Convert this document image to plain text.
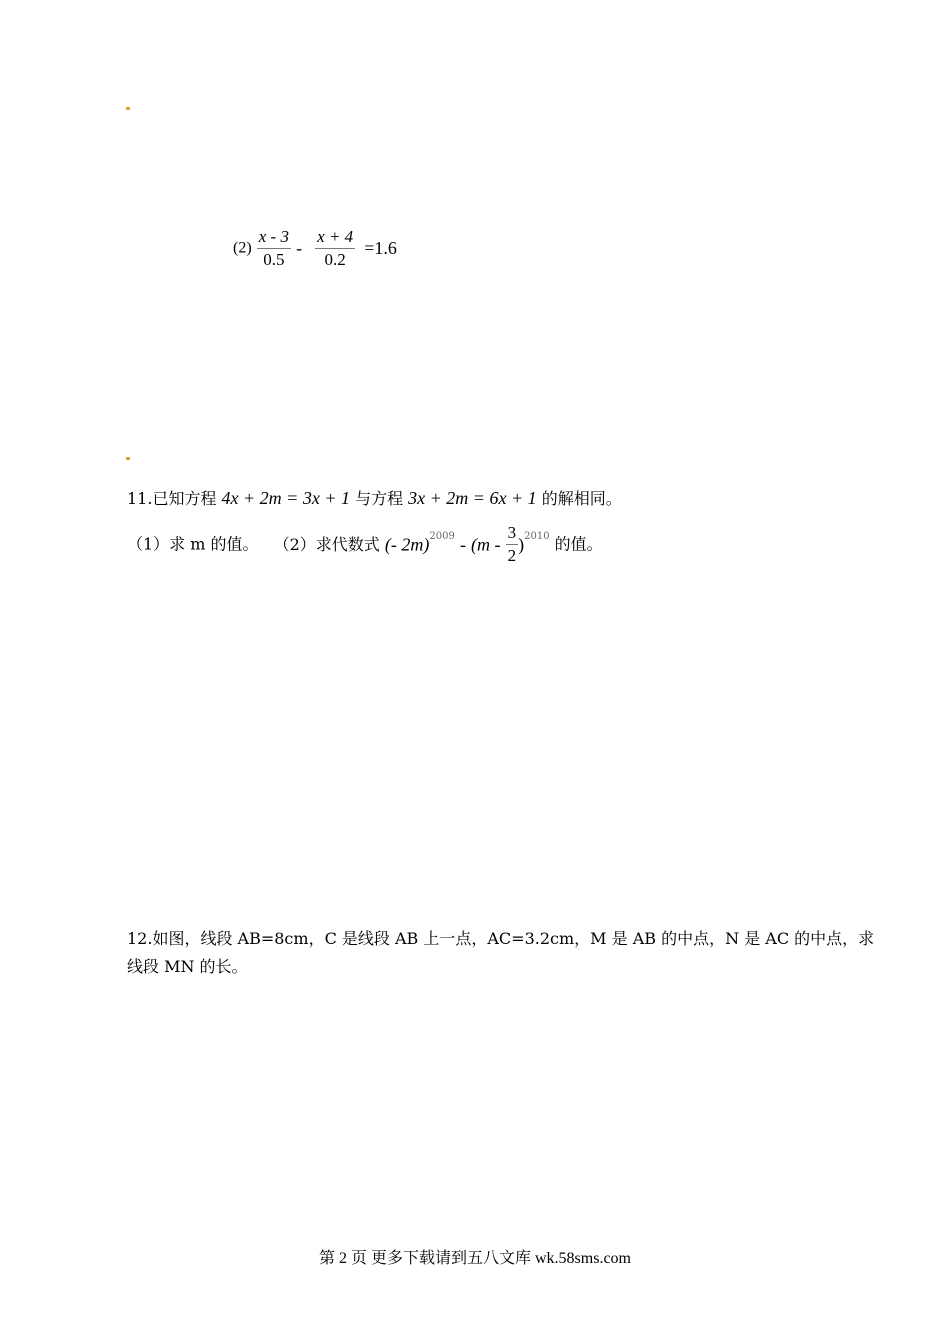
$(2) \frac{x - 3}{0.5} - \frac{x + 4}{0.2} =1.6$
11.已知方程 4x + 2m = 3x + 1 与方程 3x + 2m = 6x + 1 的解相同。
（1）求 m 的值。 （2）求代数式 (- $2m)^{2009} - (m - \frac{3}{2} )^{2010}$ 的值。
12.如图，线段 AB=8cm，C 是线段 AB 上一点，AC=3.2cm，M 是 AB 的中点，N 是 AC 的中点，求
线段 MN 的长。
第 2 页 更多下载请到五八文库 wk.58sms.com
